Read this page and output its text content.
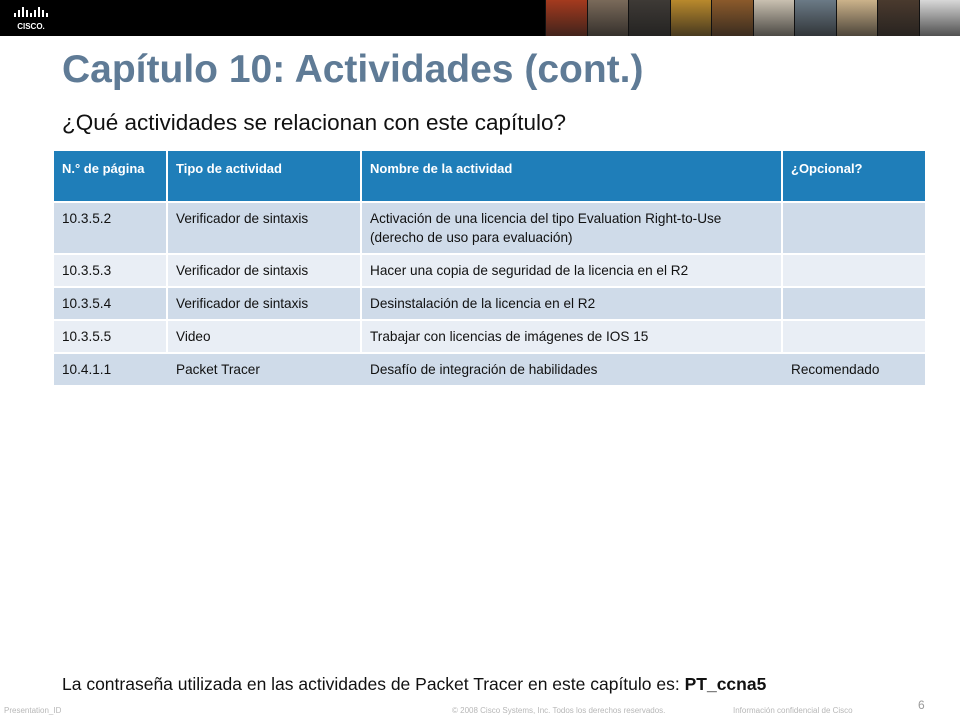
CISCO.
Capítulo 10: Actividades (cont.)

¿Qué actividades se relacionan con este capítulo?

N.° de página	Tipo de actividad	Nombre de la actividad	¿Opcional?
10.3.5.2	Verificador de sintaxis	Activación de una licencia del tipo Evaluation Right-to-Use (derecho de uso para evaluación)	
10.3.5.3	Verificador de sintaxis	Hacer una copia de seguridad de la licencia en el R2	
10.3.5.4	Verificador de sintaxis	Desinstalación de la licencia en el R2	
10.3.5.5	Video	Trabajar con licencias de imágenes de IOS 15	
10.4.1.1	Packet Tracer	Desafío de integración de habilidades	Recomendado

La contraseña utilizada en las actividades de Packet Tracer en este capítulo es: PT_ccna5

Presentation_ID	© 2008 Cisco Systems, Inc. Todos los derechos reservados.	Información confidencial de Cisco	6
